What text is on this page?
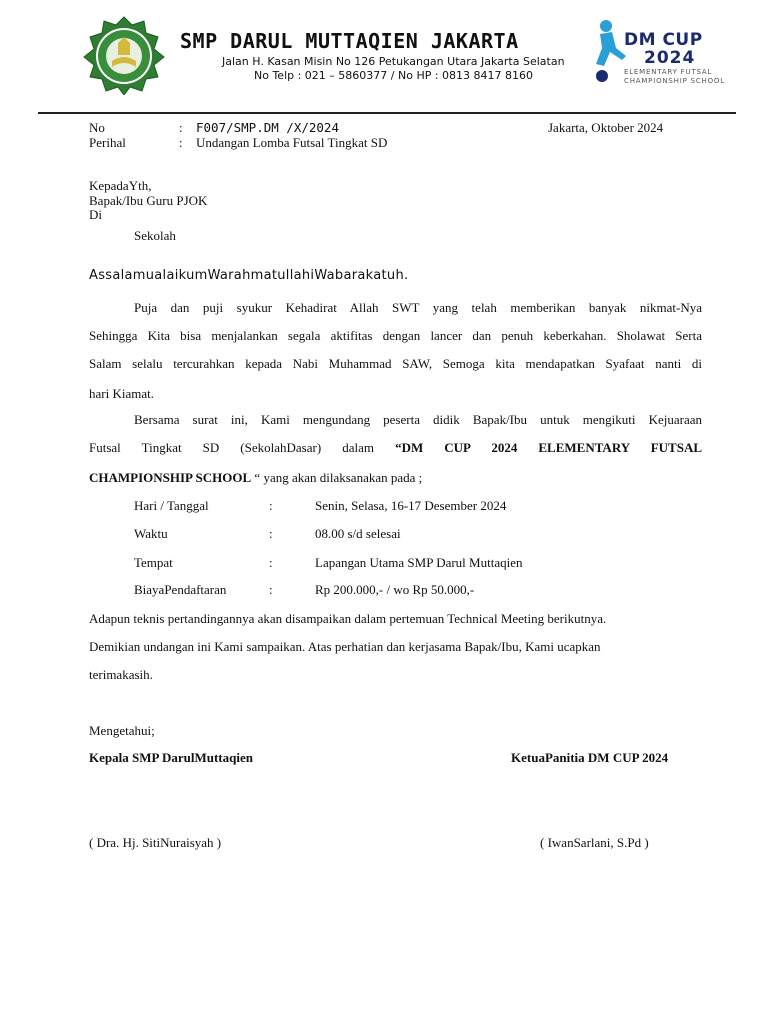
SMP DARUL MUTTAQIEN JAKARTA
Jalan H. Kasan Misin No 126 Petukangan Utara Jakarta Selatan
No Telp : 021 – 5860377 / No HP : 0813 8417 8160
DM CUP
2024
ELEMENTARY FUTSAL
CHAMPIONSHIP SCHOOL
No	: F007/SMP.DM /X/2024	Jakarta, Oktober 2024
Perihal	: Undangan Lomba Futsal Tingkat SD
KepadaYth,
Bapak/Ibu Guru PJOK
Di
Sekolah
AssalamualaikumWarahmatullahiWabarakatuh.
Puja dan puji syukur Kehadirat Allah SWT yang telah memberikan banyak nikmat-Nya
Sehingga Kita bisa menjalankan segala aktifitas dengan lancer dan penuh keberkahan. Sholawat Serta
Salam selalu tercurahkan kepada Nabi Muhammad SAW, Semoga kita mendapatkan Syafaat nanti di
hari Kiamat.
Bersama surat ini, Kami mengundang peserta didik Bapak/Ibu untuk mengikuti Kejuaraan
Futsal Tingkat SD (SekolahDasar) dalam “DM CUP 2024 ELEMENTARY FUTSAL
CHAMPIONSHIP SCHOOL “ yang akan dilaksanakan pada ;
Hari / Tanggal	:	Senin, Selasa, 16-17 Desember 2024
Waktu	:	08.00 s/d selesai
Tempat	:	Lapangan Utama SMP Darul Muttaqien
BiayaPendaftaran	:	Rp 200.000,- / wo Rp 50.000,-
Adapun teknis pertandingannya akan disampaikan dalam pertemuan Technical Meeting berikutnya.
Demikian undangan ini Kami sampaikan. Atas perhatian dan kerjasama Bapak/Ibu, Kami ucapkan
terimakasih.
Mengetahui;
Kepala SMP DarulMuttaqien	KetuaPanitia DM CUP 2024
( Dra. Hj. SitiNuraisyah )	( IwanSarlani, S.Pd )
